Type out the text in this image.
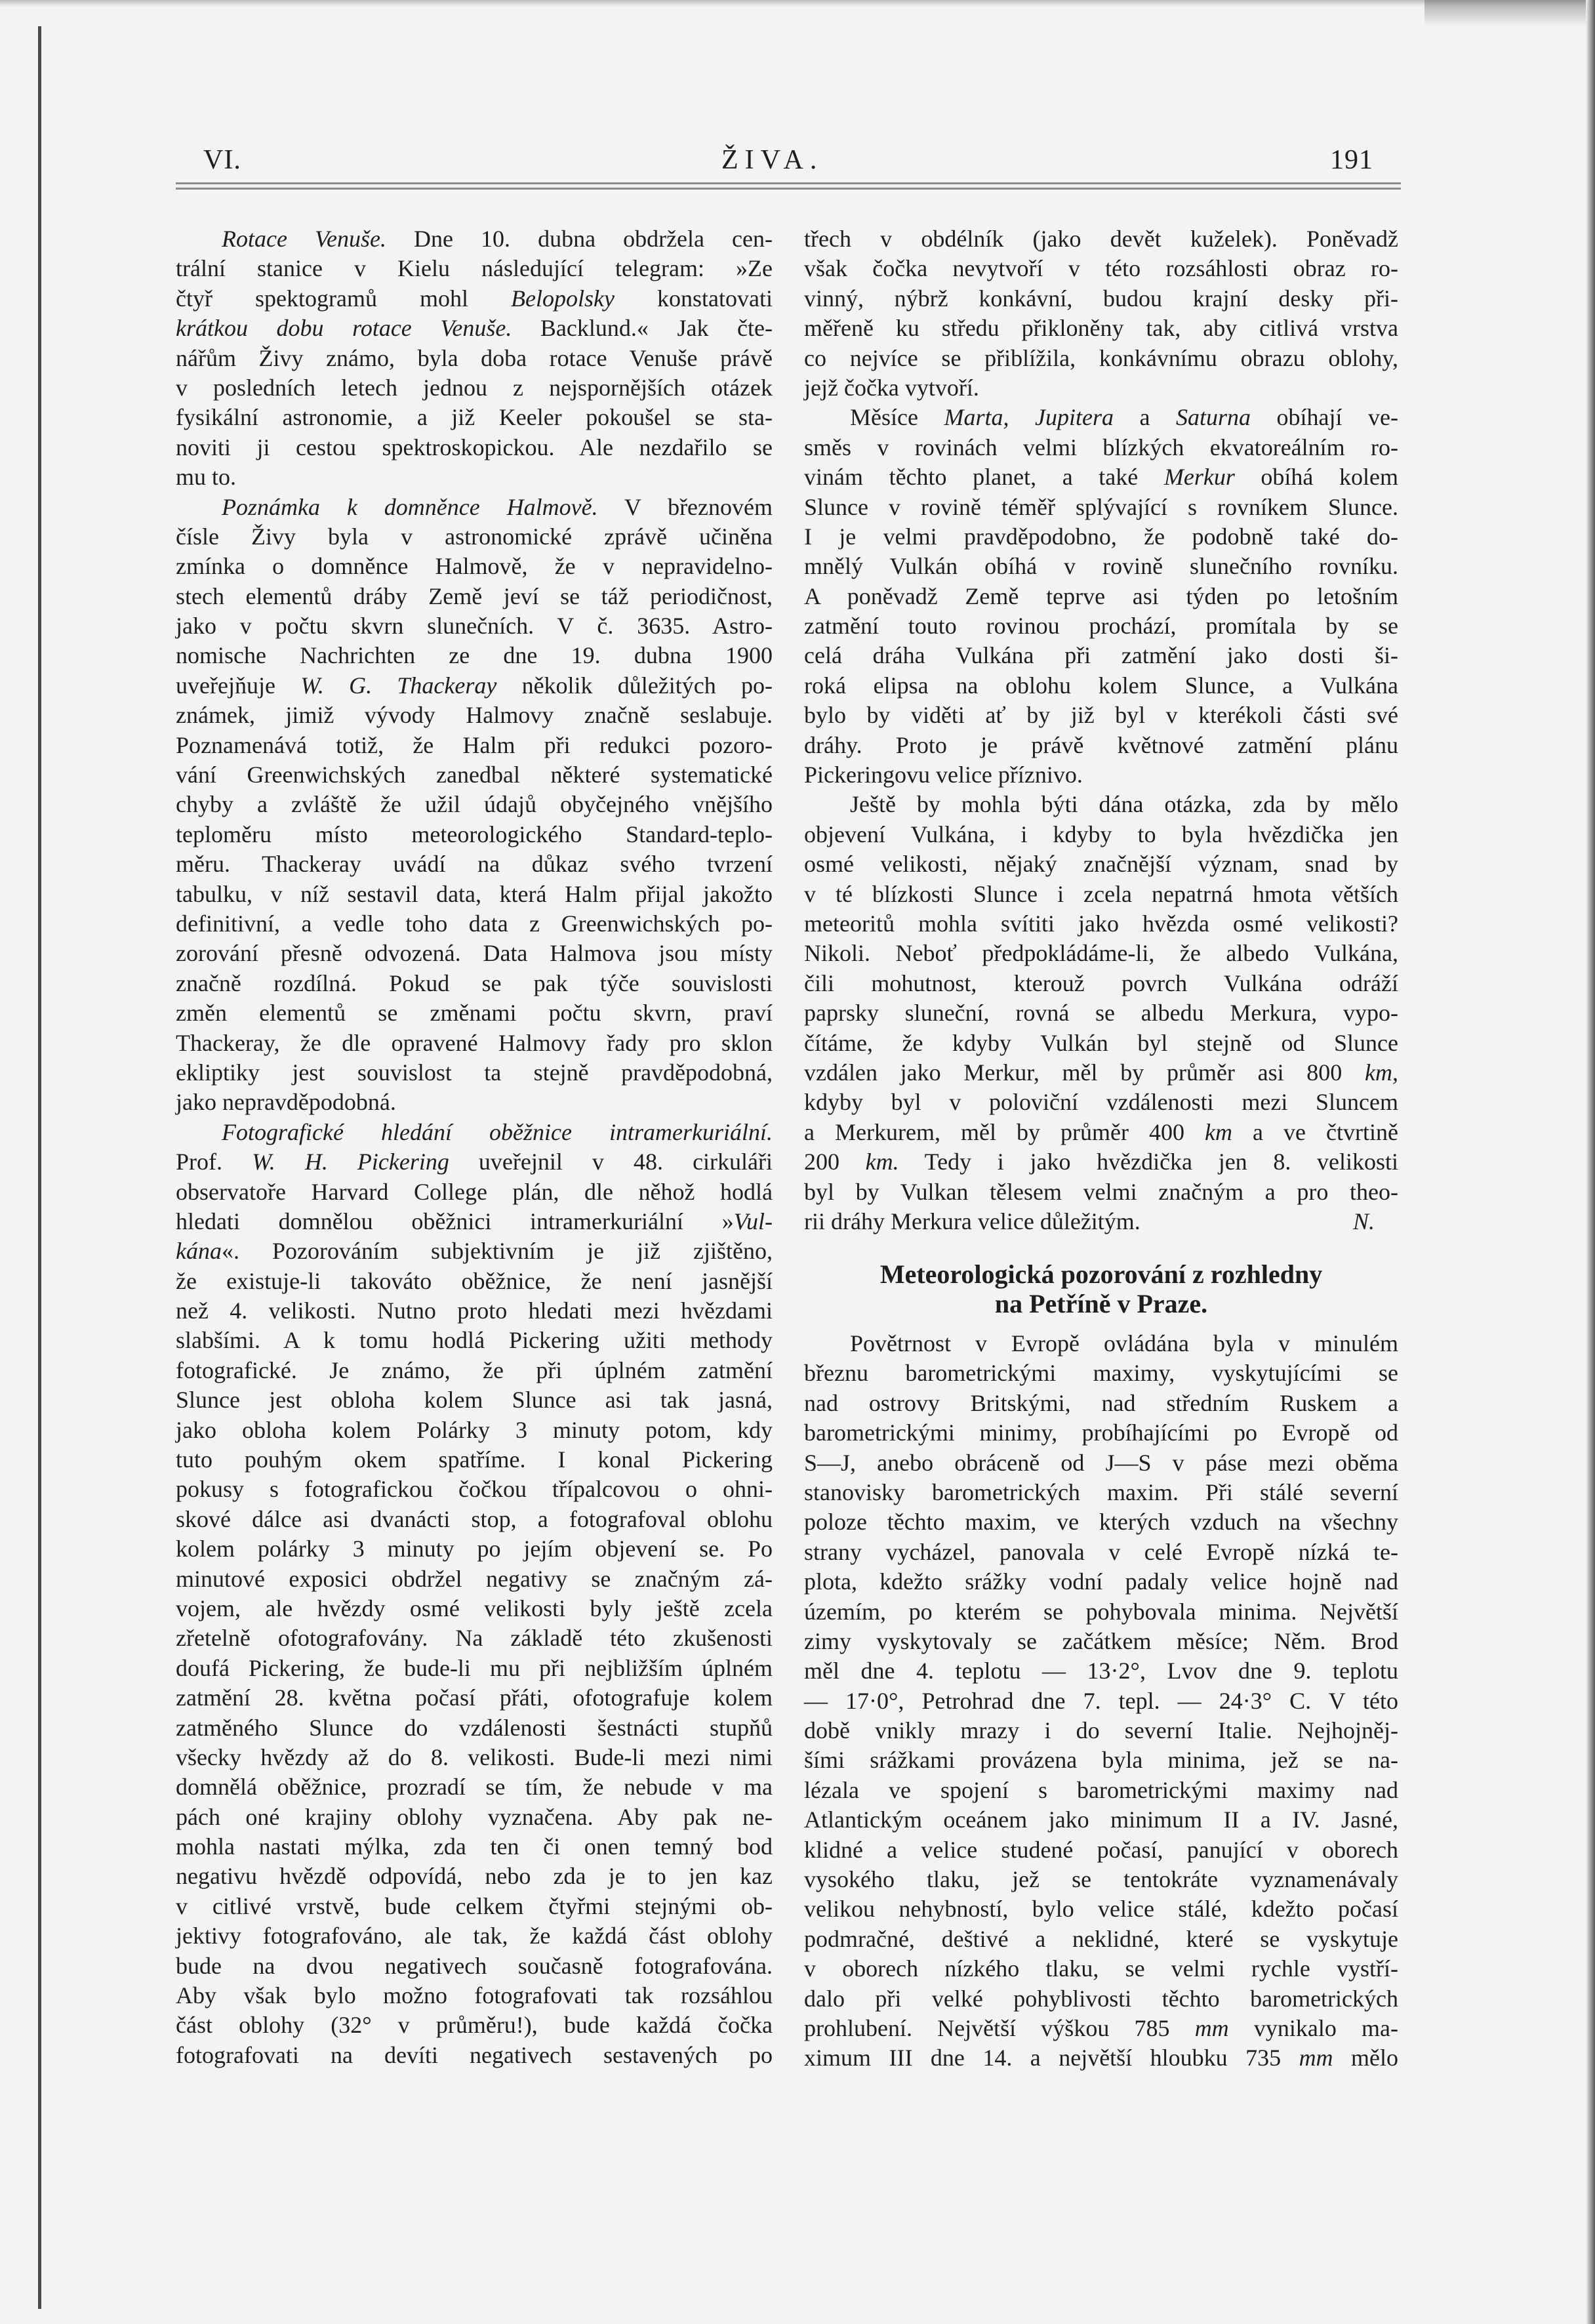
VI.	ŽIVA.	191
Rotace Venuše. Dne 10. dubna obdržela cen-
trální stanice v Kielu následující telegram: »Ze
čtyř spektogramů mohl Belopolsky konstatovati
krátkou dobu rotace Venuše. Backlund.« Jak čte-
nářům Živy známo, byla doba rotace Venuše právě
v posledních letech jednou z nejspornějších otázek
fysikální astronomie, a již Keeler pokoušel se sta-
noviti ji cestou spektroskopickou. Ale nezdařilo se
mu to.
Poznámka k domněnce Halmově. V březnovém
čísle Živy byla v astronomické zprávě učiněna
zmínka o domněnce Halmově, že v nepravidelno-
stech elementů dráby Země jeví se táž periodičnost,
jako v počtu skvrn slunečních. V č. 3635. Astro-
nomische Nachrichten ze dne 19. dubna 1900
uveřejňuje W. G. Thackeray několik důležitých po-
známek, jimiž vývody Halmovy značně seslabuje.
Poznamenává totiž, že Halm při redukci pozoro-
vání Greenwichských zanedbal některé systematické
chyby a zvláště že užil údajů obyčejného vnějšího
teploměru místo meteorologického Standard-teplo-
měru. Thackeray uvádí na důkaz svého tvrzení
tabulku, v níž sestavil data, která Halm přijal jakožto
definitivní, a vedle toho data z Greenwichských po-
zorování přesně odvozená. Data Halmova jsou místy
značně rozdílná. Pokud se pak týče souvislosti
změn elementů se změnami počtu skvrn, praví
Thackeray, že dle opravené Halmovy řady pro sklon
ekliptiky jest souvislost ta stejně pravděpodobná,
jako nepravděpodobná.
Fotografické hledání oběžnice intramerkuriální.
Prof. W. H. Pickering uveřejnil v 48. cirkuláři
observatoře Harvard College plán, dle něhož hodlá
hledati domnělou oběžnici intramerkuriální »Vul-
kána«. Pozorováním subjektivním je již zjištěno,
že existuje-li takováto oběžnice, že není jasnější
než 4. velikosti. Nutno proto hledati mezi hvězdami
slabšími. A k tomu hodlá Pickering užiti methody
fotografické. Je známo, že při úplném zatmění
Slunce jest obloha kolem Slunce asi tak jasná,
jako obloha kolem Polárky 3 minuty potom, kdy
tuto pouhým okem spatříme. I konal Pickering
pokusy s fotografickou čočkou třípalcovou o ohni-
skové dálce asi dvanácti stop, a fotografoval oblohu
kolem polárky 3 minuty po jejím objevení se. Po
minutové exposici obdržel negativy se značným zá-
vojem, ale hvězdy osmé velikosti byly ještě zcela
zřetelně ofotografovány. Na základě této zkušenosti
doufá Pickering, že bude-li mu při nejbližším úplném
zatmění 28. května počasí přáti, ofotografuje kolem
zatměného Slunce do vzdálenosti šestnácti stupňů
všecky hvězdy až do 8. velikosti. Bude-li mezi nimi
domnělá oběžnice, prozradí se tím, že nebude v ma
pách oné krajiny oblohy vyznačena. Aby pak ne-
mohla nastati mýlka, zda ten či onen temný bod
negativu hvězdě odpovídá, nebo zda je to jen kaz
v citlivé vrstvě, bude celkem čtyřmi stejnými ob-
jektivy fotografováno, ale tak, že každá část oblohy
bude na dvou negativech současně fotografována.
Aby však bylo možno fotografovati tak rozsáhlou
část oblohy (32° v průměru!), bude každá čočka
fotografovati na devíti negativech sestavených po
třech v obdélník (jako devět kuželek). Poněvadž
však čočka nevytvoří v této rozsáhlosti obraz ro-
vinný, nýbrž konkávní, budou krajní desky při-
měřeně ku středu přikloněny tak, aby citlivá vrstva
co nejvíce se přiblížila, konkávnímu obrazu oblohy,
jejž čočka vytvoří.
Měsíce Marta, Jupitera a Saturna obíhají ve-
směs v rovinách velmi blízkých ekvatoreálním ro-
vinám těchto planet, a také Merkur obíhá kolem
Slunce v rovině téměř splývající s rovníkem Slunce.
I je velmi pravděpodobno, že podobně také do-
mnělý Vulkán obíhá v rovině slunečního rovníku.
A poněvadž Země teprve asi týden po letošním
zatmění touto rovinou prochází, promítala by se
celá dráha Vulkána při zatmění jako dosti ši-
roká elipsa na oblohu kolem Slunce, a Vulkána
bylo by viděti ať by již byl v kterékoli části své
dráhy. Proto je právě květnové zatmění plánu
Pickeringovu velice příznivo.
Ještě by mohla býti dána otázka, zda by mělo
objevení Vulkána, i kdyby to byla hvězdička jen
osmé velikosti, nějaký značnější význam, snad by
v té blízkosti Slunce i zcela nepatrná hmota větších
meteoritů mohla svítiti jako hvězda osmé velikosti?
Nikoli. Neboť předpokládáme-li, že albedo Vulkána,
čili mohutnost, kterouž povrch Vulkána odráží
paprsky sluneční, rovná se albedu Merkura, vypo-
čítáme, že kdyby Vulkán byl stejně od Slunce
vzdálen jako Merkur, měl by průměr asi 800 km,
kdyby byl v poloviční vzdálenosti mezi Sluncem
a Merkurem, měl by průměr 400 km a ve čtvrtině
200 km. Tedy i jako hvězdička jen 8. velikosti
byl by Vulkan tělesem velmi značným a pro theo-
rii dráhy Merkura velice důležitým.	N.
Meteorologická pozorování z rozhledny
na Petříně v Praze.
Povětrnost v Evropě ovládána byla v minulém
březnu barometrickými maximy, vyskytujícími se
nad ostrovy Britskými, nad středním Ruskem a
barometrickými minimy, probíhajícími po Evropě od
S—J, anebo obráceně od J—S v páse mezi oběma
stanovisky barometrických maxim. Při stálé severní
poloze těchto maxim, ve kterých vzduch na všechny
strany vycházel, panovala v celé Evropě nízká te-
plota, kdežto srážky vodní padaly velice hojně nad
územím, po kterém se pohybovala minima. Největší
zimy vyskytovaly se začátkem měsíce; Něm. Brod
měl dne 4. teplotu — 13·2°, Lvov dne 9. teplotu
— 17·0°, Petrohrad dne 7. tepl. — 24·3° C. V této
době vnikly mrazy i do severní Italie. Nejhojněj-
šími srážkami provázena byla minima, jež se na-
lézala ve spojení s barometrickými maximy nad
Atlantickým oceánem jako minimum II a IV. Jasné,
klidné a velice studené počasí, panující v oborech
vysokého tlaku, jež se tentokráte vyznamenávaly
velikou nehybností, bylo velice stálé, kdežto počasí
podmračné, deštivé a neklidné, které se vyskytuje
v oborech nízkého tlaku, se velmi rychle vystří-
dalo při velké pohyblivosti těchto barometrických
prohlubení. Největší výškou 785 mm vynikalo ma-
ximum III dne 14. a největší hloubku 735 mm mělo
